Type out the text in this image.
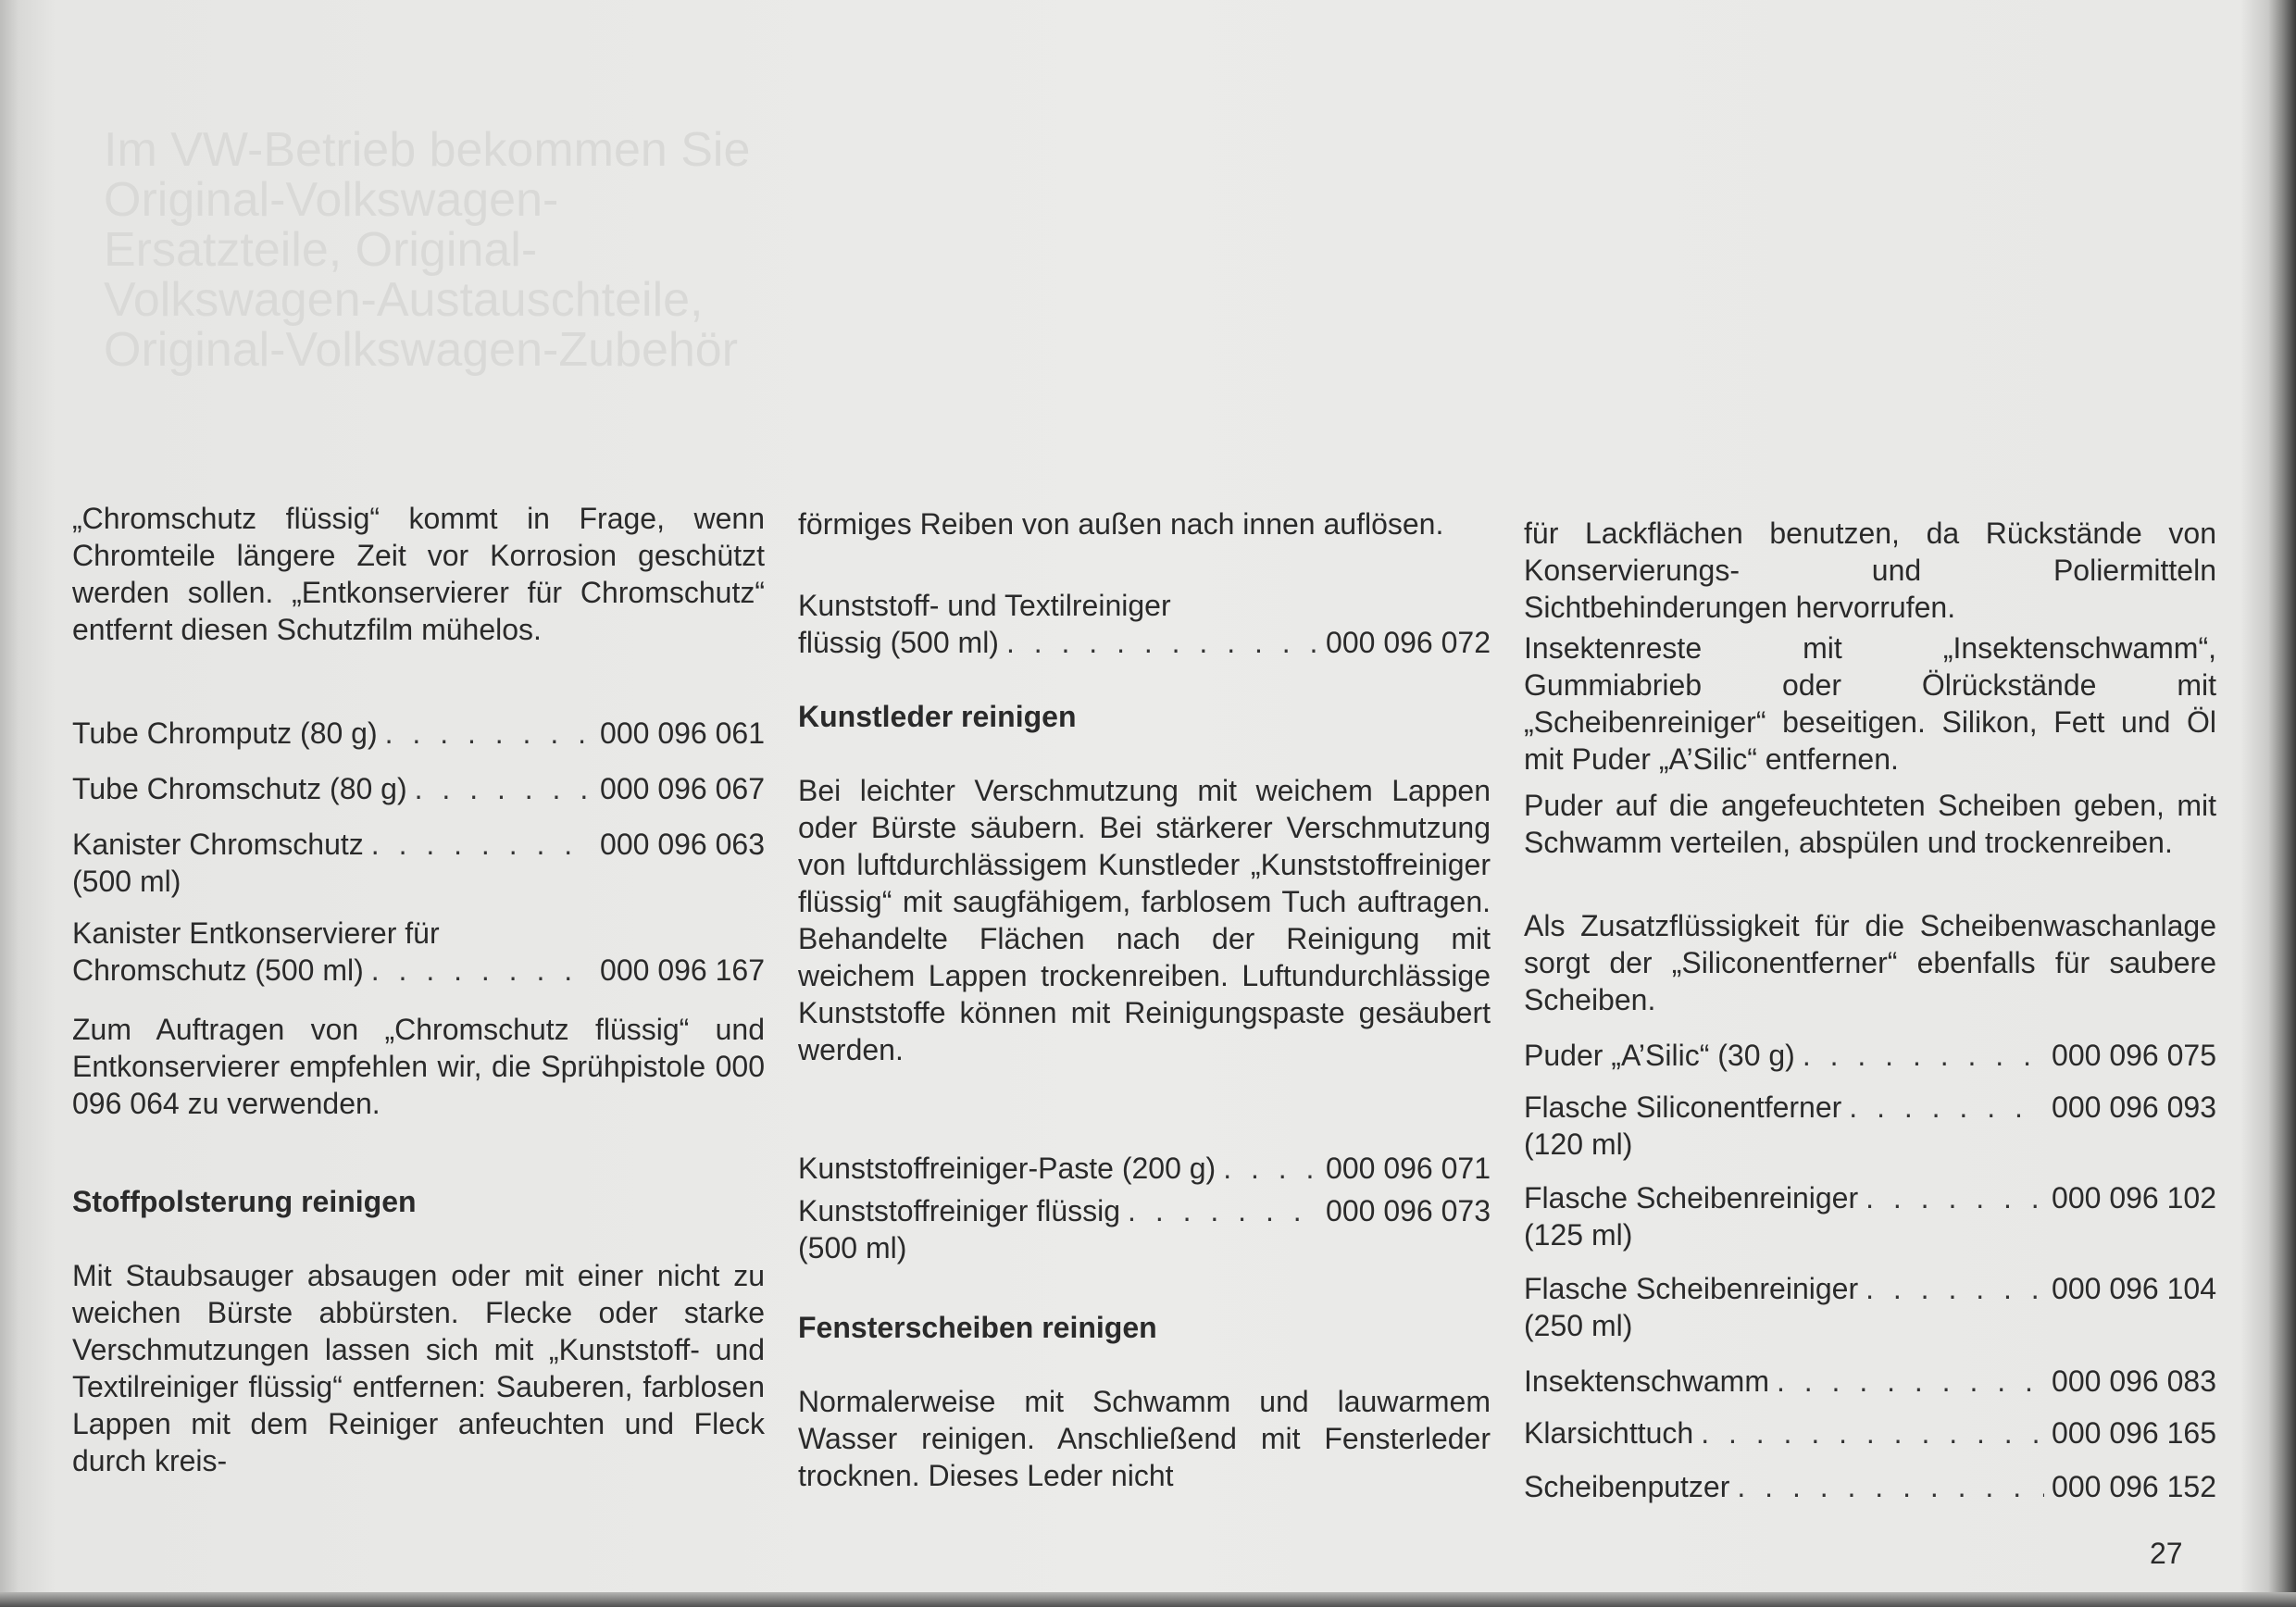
Im VW-Betrieb bekommen Sie Original-Volkswagen-Ersatzteile, Original-Volkswagen-Austauschteile, Original-Volkswagen-Zubehör
„Chromschutz flüssig“ kommt in Frage, wenn Chromteile längere Zeit vor Korrosion geschützt werden sollen. „Entkonservierer für Chromschutz“ entfernt diesen Schutzfilm mühelos.
Tube Chromputz (80 g) . . .	000 096 061
Tube Chromschutz (80 g) . . .	000 096 067
Kanister Chromschutz . . .	000 096 063
(500 ml)
Kanister Entkonservierer für
Chromschutz (500 ml) . . .	000 096 167
Zum Auftragen von „Chromschutz flüssig“ und Entkonservierer empfehlen wir, die Sprühpistole 000 096 064 zu verwenden.
Stoffpolsterung reinigen
Mit Staubsauger absaugen oder mit einer nicht zu weichen Bürste abbürsten. Flecke oder starke Verschmutzungen lassen sich mit „Kunststoff- und Textilreiniger flüssig“ entfernen: Sauberen, farblosen Lappen mit dem Reiniger anfeuchten und Fleck durch kreis-
förmiges Reiben von außen nach innen auflösen.
Kunststoff- und Textilreiniger
flüssig (500 ml) . . .	000 096 072
Kunstleder reinigen
Bei leichter Verschmutzung mit weichem Lappen oder Bürste säubern. Bei stärkerer Verschmutzung von luftdurchlässigem Kunstleder „Kunststoffreiniger flüssig“ mit saugfähigem, farblosem Tuch auftragen. Behandelte Flächen nach der Reinigung mit weichem Lappen trockenreiben. Luftundurchlässige Kunststoffe können mit Reinigungspaste gesäubert werden.
Kunststoffreiniger-Paste (200 g) . . .	000 096 071
Kunststoffreiniger flüssig . . .	000 096 073
(500 ml)
Fensterscheiben reinigen
Normalerweise mit Schwamm und lauwarmem Wasser reinigen. Anschließend mit Fensterleder trocknen. Dieses Leder nicht
für Lackflächen benutzen, da Rückstände von Konservierungs- und Poliermitteln Sichtbehinderungen hervorrufen.
Insektenreste mit „Insektenschwamm“, Gummiabrieb oder Ölrückstände mit „Scheibenreiniger“ beseitigen. Silikon, Fett und Öl mit Puder „A’Silic“ entfernen.
Puder auf die angefeuchteten Scheiben geben, mit Schwamm verteilen, abspülen und trockenreiben.
Als Zusatzflüssigkeit für die Scheibenwaschanlage sorgt der „Siliconentferner“ ebenfalls für saubere Scheiben.
Puder „A’Silic“ (30 g) . . .	000 096 075
Flasche Siliconentferner . . .	000 096 093
(120 ml)
Flasche Scheibenreiniger . . .	000 096 102
(125 ml)
Flasche Scheibenreiniger . . .	000 096 104
(250 ml)
Insektenschwamm . . .	000 096 083
Klarsichttuch . . .	000 096 165
Scheibenputzer . . .	000 096 152
27
